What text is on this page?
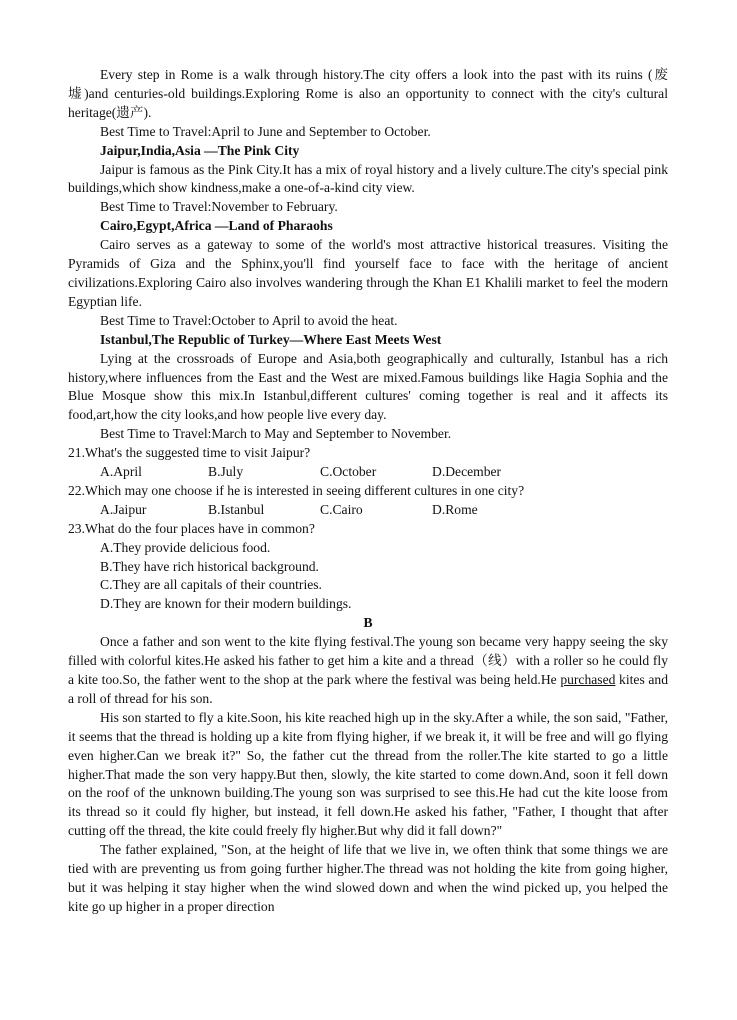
Every step in Rome is a walk through history.The city offers a look into the past with its ruins (废墟)and centuries-old buildings.Exploring Rome is also an opportunity to connect with the city's cultural heritage(遗产).

Best Time to Travel:April to June and September to October.

Jaipur,India,Asia —The Pink City

Jaipur is famous as the Pink City.It has a mix of royal history and a lively culture.The city's special pink buildings,which show kindness,make a one-of-a-kind city view.

Best Time to Travel:November to February.

Cairo,Egypt,Africa —Land of Pharaohs

Cairo serves as a gateway to some of the world's most attractive historical treasures. Visiting the Pyramids of Giza and the Sphinx,you'll find yourself face to face with the heritage of ancient civilizations.Exploring Cairo also involves wandering through the Khan E1 Khalili market to feel the modern Egyptian life.

Best Time to Travel:October to April to avoid the heat.

Istanbul,The Republic of Turkey—Where East Meets West

Lying at the crossroads of Europe and Asia,both geographically and culturally, Istanbul has a rich history,where influences from the East and the West are mixed.Famous buildings like Hagia Sophia and the Blue Mosque show this mix.In Istanbul,different cultures' coming together is real and it affects its food,art,how the city looks,and how people live every day.

Best Time to Travel:March to May and September to November.

21.What's the suggested time to visit Jaipur?

A.April	B.July	C.October	D.December

22.Which may one choose if he is interested in seeing different cultures in one city?

A.Jaipur	B.Istanbul	C.Cairo	D.Rome

23.What do the four places have in common?

A.They provide delicious food.

B.They have rich historical background.

C.They are all capitals of their countries.

D.They are known for their modern buildings.

B

Once a father and son went to the kite flying festival.The young son became very happy seeing the sky filled with colorful kites.He asked his father to get him a kite and a thread（线）with a roller so he could fly a kite too.So, the father went to the shop at the park where the festival was being held.He purchased kites and a roll of thread for his son.

His son started to fly a kite.Soon, his kite reached high up in the sky.After a while, the son said, "Father, it seems that the thread is holding up a kite from flying higher, if we break it, it will be free and will go flying even higher.Can we break it?" So, the father cut the thread from the roller.The kite started to go a little higher.That made the son very happy.But then, slowly, the kite started to come down.And, soon it fell down on the roof of the unknown building.The young son was surprised to see this.He had cut the kite loose from its thread so it could fly higher, but instead, it fell down.He asked his father, "Father, I thought that after cutting off the thread, the kite could freely fly higher.But why did it fall down?"

The father explained, "Son, at the height of life that we live in, we often think that some things we are tied with are preventing us from going further higher.The thread was not holding the kite from going higher, but it was helping it stay higher when the wind slowed down and when the wind picked up, you helped the kite go up higher in a proper direction
